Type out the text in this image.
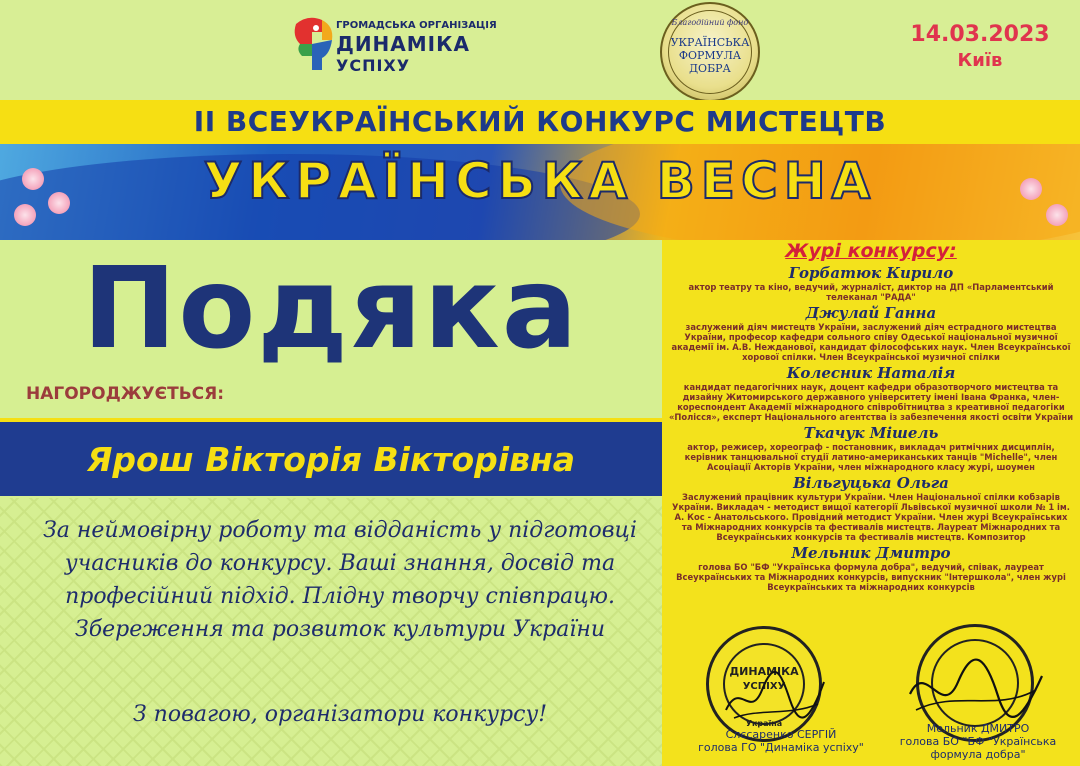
ГРОМАДСЬКА ОРГАНІЗАЦІЯ
ДИНАМІКА
УСПІХУ
Благодійний фонд
УКРАЇНСЬКА ФОРМУЛА ДОБРА
14.03.2023
Київ
II ВСЕУКРАЇНСЬКИЙ КОНКУРС МИСТЕЦТВ
УКРАЇНСЬКА ВЕСНА
Подяка
НАГОРОДЖУЄТЬСЯ:
Ярош Вікторія Вікторівна
За неймовірну роботу та відданість у підготовці учасників до конкурсу. Ваші знання, досвід та професійний підхід. Плідну творчу співпрацю. Збереження та розвиток культури України
З повагою, організатори конкурсу!
Журі конкурсу:
Горбатюк Кирило
актор театру та кіно, ведучий, журналіст, диктор на ДП «Парламентський телеканал "РАДА"
Джулай Ганна
заслужений діяч мистецтв України, заслужений діяч естрадного мистецтва України, професор кафедри сольного співу Одеської національної музичної академії ім. А.В. Нежданової, кандидат філософських наук. Член Всеукраїнської хорової спілки. Член Всеукраїнської музичної спілки
Колесник Наталія
кандидат педагогічних наук, доцент кафедри образотворчого мистецтва та дизайну Житомирського державного університету імені Івана Франка, член-кореспондент Академії міжнародного співробітництва з креативної педагогіки «Полісся», експерт Національного агентства із забезпечення якості освіти України
Ткачук Мішель
актор, режисер, хореограф - постановник, викладач ритмічних дисциплін, керівник танцювальної студії латино-американських танців "Michelle", член Асоціації Акторів України, член міжнародного класу журі, шоумен
Вільгуцька Ольга
Заслужений працівник культури України. Член Національної спілки кобзарів України. Викладач - методист вищої категорії Львівської музичної школи № 1 ім. А. Кос - Анатольського. Провідний методист України. Член журі Всеукраїнських та Міжнародних конкурсів та фестивалів мистецтв. Лауреат Міжнародних та Всеукраїнських конкурсів та фестивалів мистецтв. Композитор
Мельник Дмитро
голова БО "БФ "Українська формула добра", ведучий, співак, лауреат Всеукраїнських та Міжнародних конкурсів, випускник "Інтершкола", член журі Всеукраїнських та міжнародних конкурсів
ДИНАМІКА
УСПІХУ
Україна
Слєсаренко СЕРГІЙ
голова ГО "Динаміка успіху"
Мельник ДМИТРО
голова БО "БФ "Українська формула добра"
